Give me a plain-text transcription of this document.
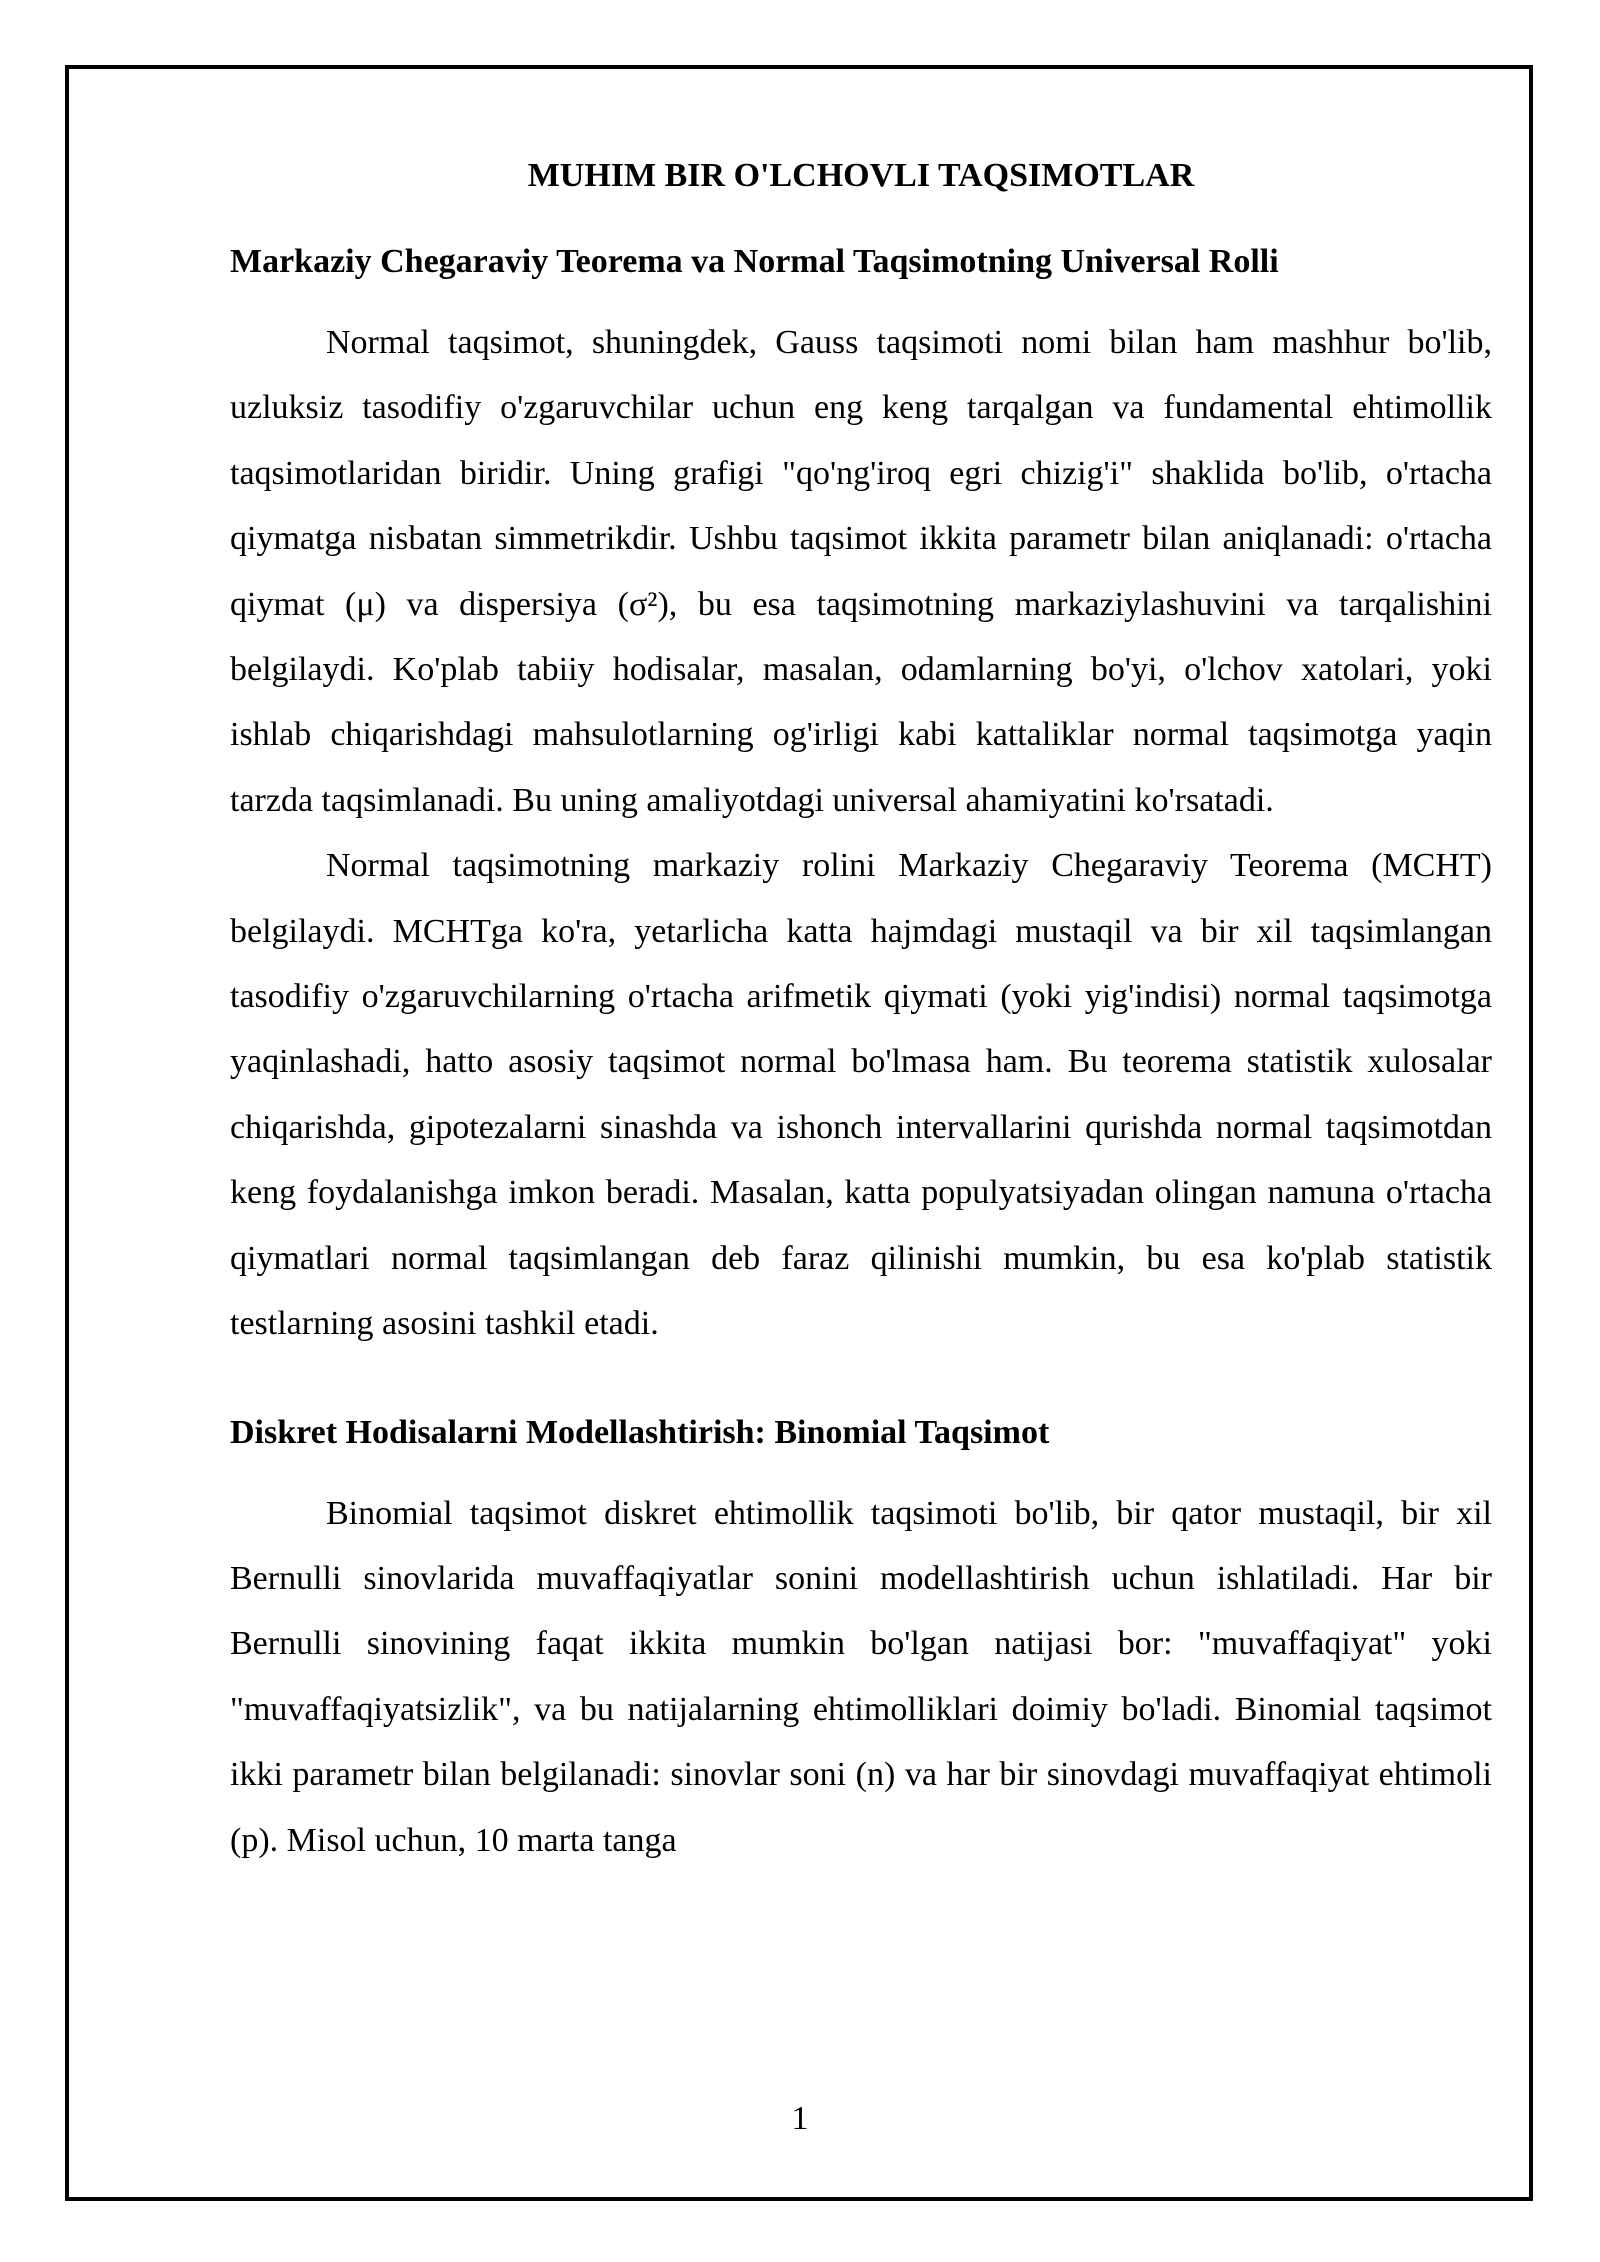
MUHIM BIR O'LCHOVLI TAQSIMOTLAR
Markaziy Chegaraviy Teorema va Normal Taqsimotning Universal Rolli

Normal taqsimot, shuningdek, Gauss taqsimoti nomi bilan ham mashhur bo'lib, uzluksiz tasodifiy o'zgaruvchilar uchun eng keng tarqalgan va fundamental ehtimollik taqsimotlaridan biridir. Uning grafigi "qo'ng'iroq egri chizig'i" shaklida bo'lib, o'rtacha qiymatga nisbatan simmetrikdir. Ushbu taqsimot ikkita parametr bilan aniqlanadi: o'rtacha qiymat (μ) va dispersiya (σ²), bu esa taqsimotning markaziylashuvini va tarqalishini belgilaydi. Ko'plab tabiiy hodisalar, masalan, odamlarning bo'yi, o'lchov xatolari, yoki ishlab chiqarishdagi mahsulotlarning og'irligi kabi kattaliklar normal taqsimotga yaqin tarzda taqsimlanadi. Bu uning amaliyotdagi universal ahamiyatini ko'rsatadi.

Normal taqsimotning markaziy rolini Markaziy Chegaraviy Teorema (MCHT) belgilaydi. MCHTga ko'ra, yetarlicha katta hajmdagi mustaqil va bir xil taqsimlangan tasodifiy o'zgaruvchilarning o'rtacha arifmetik qiymati (yoki yig'indisi) normal taqsimotga yaqinlashadi, hatto asosiy taqsimot normal bo'lmasa ham. Bu teorema statistik xulosalar chiqarishda, gipotezalarni sinashda va ishonch intervallarini qurishda normal taqsimotdan keng foydalanishga imkon beradi. Masalan, katta populyatsiyadan olingan namuna o'rtacha qiymatlari normal taqsimlangan deb faraz qilinishi mumkin, bu esa ko'plab statistik testlarning asosini tashkil etadi.

Diskret Hodisalarni Modellashtirish: Binomial Taqsimot

Binomial taqsimot diskret ehtimollik taqsimoti bo'lib, bir qator mustaqil, bir xil Bernulli sinovlarida muvaffaqiyatlar sonini modellashtirish uchun ishlatiladi. Har bir Bernulli sinovining faqat ikkita mumkin bo'lgan natijasi bor: "muvaffaqiyat" yoki "muvaffaqiyatsizlik", va bu natijalarning ehtimolliklari doimiy bo'ladi. Binomial taqsimot ikki parametr bilan belgilanadi: sinovlar soni (n) va har bir sinovdagi muvaffaqiyat ehtimoli (p). Misol uchun, 10 marta tanga

1
